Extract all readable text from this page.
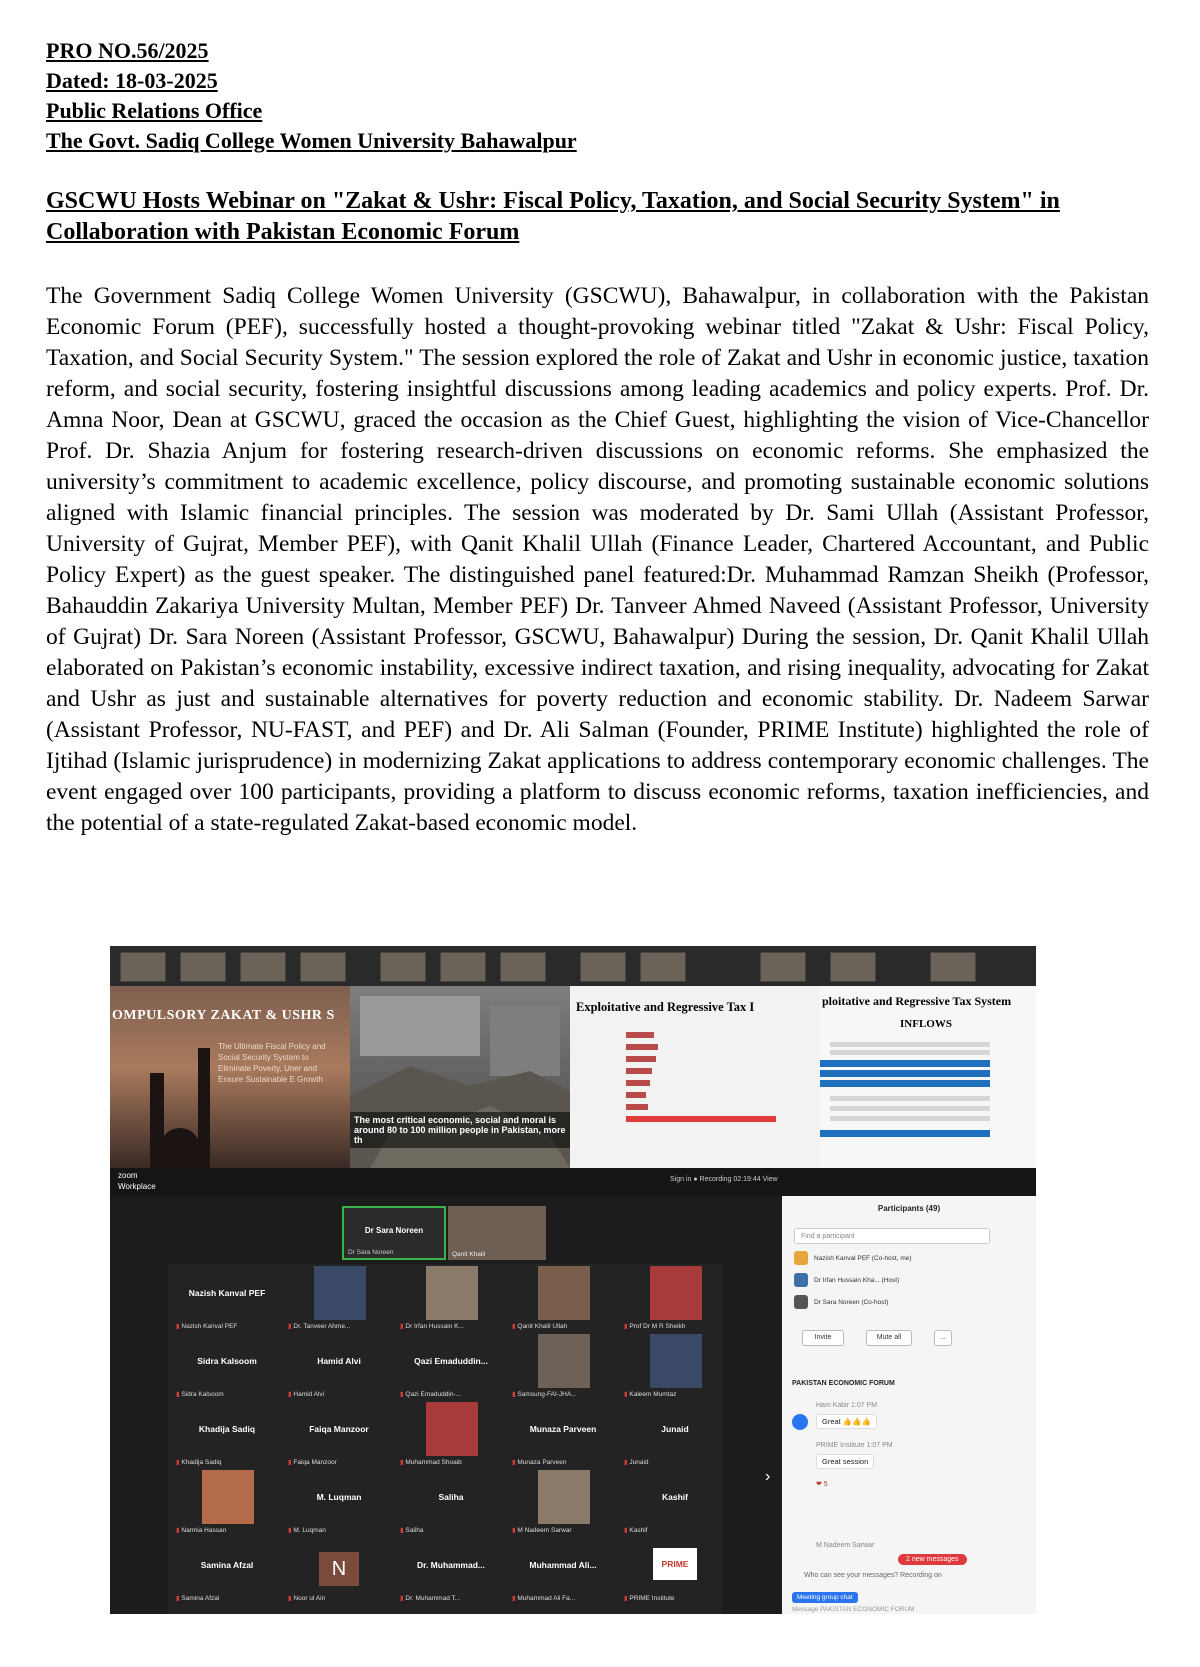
PRO NO.56/2025
Dated: 18-03-2025
Public Relations Office
The Govt. Sadiq College Women University Bahawalpur
GSCWU Hosts Webinar on "Zakat & Ushr: Fiscal Policy, Taxation, and Social Security System" in Collaboration with Pakistan Economic Forum
The Government Sadiq College Women University (GSCWU), Bahawalpur, in collaboration with the Pakistan Economic Forum (PEF), successfully hosted a thought-provoking webinar titled "Zakat & Ushr: Fiscal Policy, Taxation, and Social Security System." The session explored the role of Zakat and Ushr in economic justice, taxation reform, and social security, fostering insightful discussions among leading academics and policy experts. Prof. Dr. Amna Noor, Dean at GSCWU, graced the occasion as the Chief Guest, highlighting the vision of Vice-Chancellor Prof. Dr. Shazia Anjum for fostering research-driven discussions on economic reforms. She emphasized the university’s commitment to academic excellence, policy discourse, and promoting sustainable economic solutions aligned with Islamic financial principles. The session was moderated by Dr. Sami Ullah (Assistant Professor, University of Gujrat, Member PEF), with Qanit Khalil Ullah (Finance Leader, Chartered Accountant, and Public Policy Expert) as the guest speaker. The distinguished panel featured:Dr. Muhammad Ramzan Sheikh (Professor, Bahauddin Zakariya University Multan, Member PEF) Dr. Tanveer Ahmed Naveed (Assistant Professor, University of Gujrat) Dr. Sara Noreen (Assistant Professor, GSCWU, Bahawalpur) During the session, Dr. Qanit Khalil Ullah elaborated on Pakistan’s economic instability, excessive indirect taxation, and rising inequality, advocating for Zakat and Ushr as just and sustainable alternatives for poverty reduction and economic stability. Dr. Nadeem Sarwar (Assistant Professor, NU-FAST, and PEF) and Dr. Ali Salman (Founder, PRIME Institute) highlighted the role of Ijtihad (Islamic jurisprudence) in modernizing Zakat applications to address contemporary economic challenges. The event engaged over 100 participants, providing a platform to discuss economic reforms, taxation inefficiencies, and the potential of a state-regulated Zakat-based economic model.
OMPULSORY ZAKAT & USHR S
The Ultimate Fiscal Policy and Social Security System to Eliminate Poverty, Uner and Ensure Sustainable E Growth
The most critical economic, social and moral is around 80 to 100 million people in Pakistan, more th
Exploitative and Regressive Tax I	ploitative and Regressive Tax System
INFLOWS
zoom
Workplace
Sign in ● Recording 02:19:44 View
Dr Sara Noreen
Dr Sara Noreen	Qanit Khalil
Nazish Kanval PEF
▮ Nazish Kanval PEF	▮ Dr. Tanveer Ahme...	▮ Dr Irfan Hussain K...	▮ Qanit Khalil Ullah	▮ Prof Dr M R Sheikh
Sidra Kalsoom
▮ Sidra Kalsoom
Hamid Alvi
▮ Hamid Alvi
Qazi Emaduddin...
▮ Qazi Emaduddin-...	▮ Samsung-FAI-JHA...	▮ Kaleem Mumtaz
Khadija Sadiq
▮ Khadija Sadiq
Faiqa Manzoor
▮ Faiqa Manzoor	▮ Muhammad Shoaib
Munaza Parveen
▮ Munaza Parveen
Junaid
▮ Junaid
▮ Narmia Hassan
M. Luqman
▮ M. Luqman
Saliha
▮ Saliha	▮ M Nadeem Sarwar
Kashif
▮ Kashif
Samina Afzal
▮ Samina Afzal
N
▮ Noor ul Ain
Dr. Muhammad...
▮ Dr. Muhammad T...
Muhammad Ali...
▮ Muhammad Ali Fa...
PRIME
▮ PRIME Institute
›
Participants (49)
Find a participant
Nazish Kanval PEF (Co-host, me)
Dr Irfan Hussain Kha... (Host)
Dr Sara Noreen (Co-host)
Invite	Mute all	...
PAKISTAN ECONOMIC FORUM
Ham Kabir 1:07 PM
Great 👍👍👍
PRIME Institute 1:07 PM
Great session
❤ 5
M Nadeem Sarwar
2 new messages
Who can see your messages? Recording on
Meeting group chat
Message PAKISTAN ECONOMIC FORUM
